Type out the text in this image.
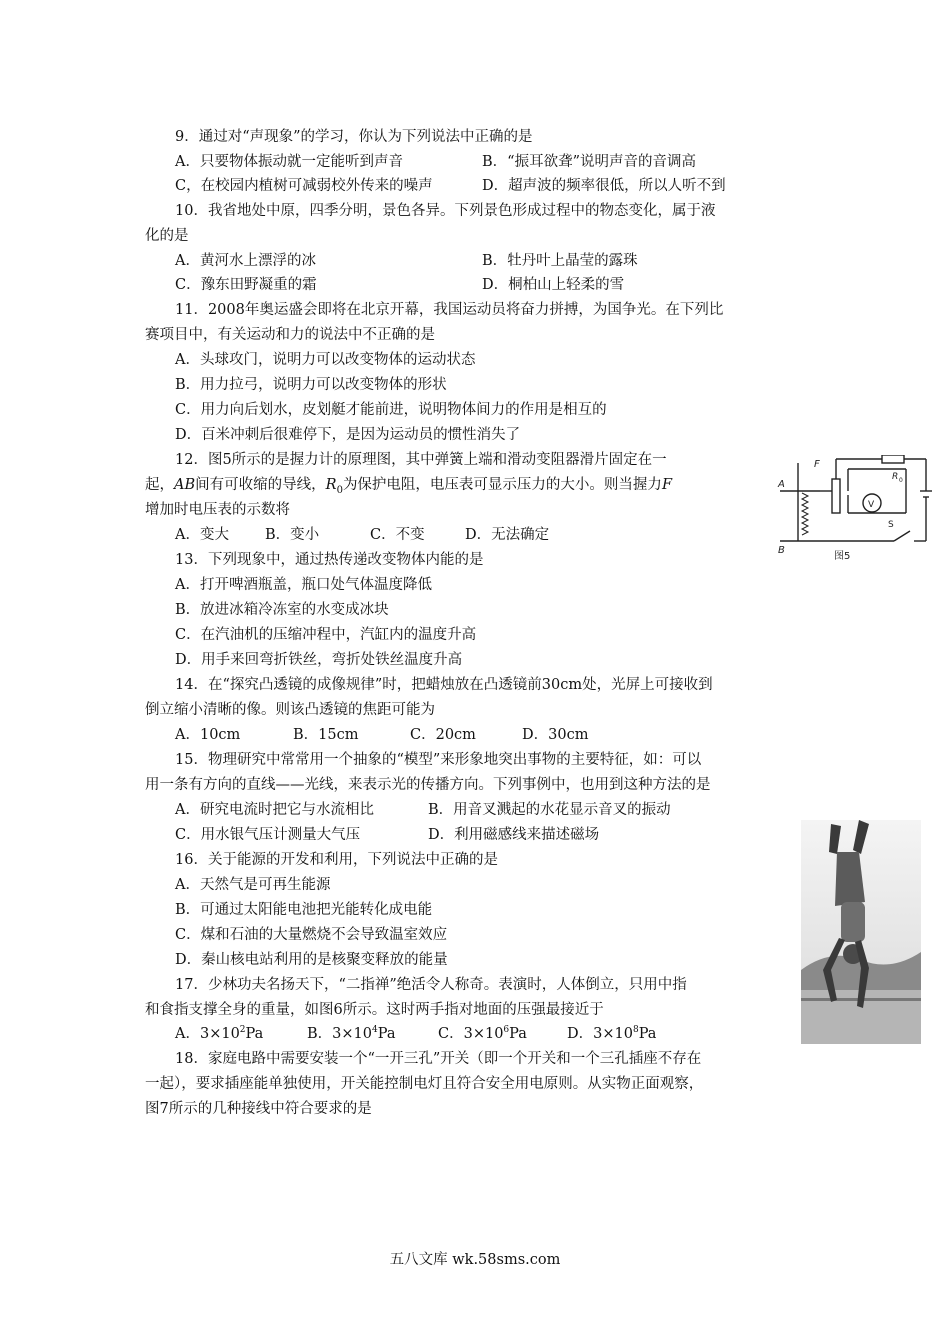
9．通过对“声现象”的学习，你认为下列说法中正确的是
A．只要物体振动就一定能听到声音	B．“振耳欲聋”说明声音的音调高
C，在校园内植树可减弱校外传来的噪声	D．超声波的频率很低，所以人听不到
10．我省地处中原，四季分明，景色各异。下列景色形成过程中的物态变化，属于液
化的是
A．黄河水上漂浮的冰	B．牡丹叶上晶莹的露珠
C．豫东田野凝重的霜	D．桐柏山上轻柔的雪
11．2008年奥运盛会即将在北京开幕，我国运动员将奋力拼搏，为国争光。在下列比
赛项目中，有关运动和力的说法中不正确的是
A．头球攻门，说明力可以改变物体的运动状态
B．用力拉弓，说明力可以改变物体的形状
C．用力向后划水，皮划艇才能前进，说明物体间力的作用是相互的
D．百米冲刺后很难停下，是因为运动员的惯性消失了
12．图5所示的是握力计的原理图，其中弹簧上端和滑动变阻器滑片固定在一
起，AB间有可收缩的导线，$R_0$为保护电阻，电压表可显示压力的大小。则当握力F
增加时电压表的示数将
A．变大 B．变小	C．不变	D．无法确定
F
A
B
R 0
V
S
图5
13．下列现象中，通过热传递改变物体内能的是
A．打开啤酒瓶盖，瓶口处气体温度降低
B．放进冰箱冷冻室的水变成冰块
C．在汽油机的压缩冲程中，汽缸内的温度升高
D．用手来回弯折铁丝，弯折处铁丝温度升高
14．在“探究凸透镜的成像规律”时，把蜡烛放在凸透镜前30cm处，光屏上可接收到
倒立缩小清晰的像。则该凸透镜的焦距可能为
A．10cm	B．15cm	C．20cm	D．30cm
15．物理研究中常常用一个抽象的“模型”来形象地突出事物的主要特征，如：可以
用一条有方向的直线——光线，来表示光的传播方向。下列事例中，也用到这种方法的是
A．研究电流时把它与水流相比	B．用音叉溅起的水花显示音叉的振动
C．用水银气压计测量大气压	D．利用磁感线来描述磁场
16．关于能源的开发和利用，下列说法中正确的是
A．天然气是可再生能源
B．可通过太阳能电池把光能转化成电能
C．煤和石油的大量燃烧不会导致温室效应
D．秦山核电站利用的是核聚变释放的能量
17．少林功夫名扬天下，“二指禅”绝活令人称奇。表演时，人体倒立，只用中指
和食指支撑全身的重量，如图6所示。这时两手指对地面的压强最接近于
A．$3\times 10^2Pa$	B．$3\times 10^4Pa$	C．$3\times 10^6Pa$	D．$3\times 10^8Pa$
18．家庭电路中需要安装一个“一开三孔”开关（即一个开关和一个三孔插座不存在
一起），要求插座能单独使用，开关能控制电灯且符合安全用电原则。从实物正面观察，
图7所示的几种接线中符合要求的是
五八文库 wk.58sms.com
